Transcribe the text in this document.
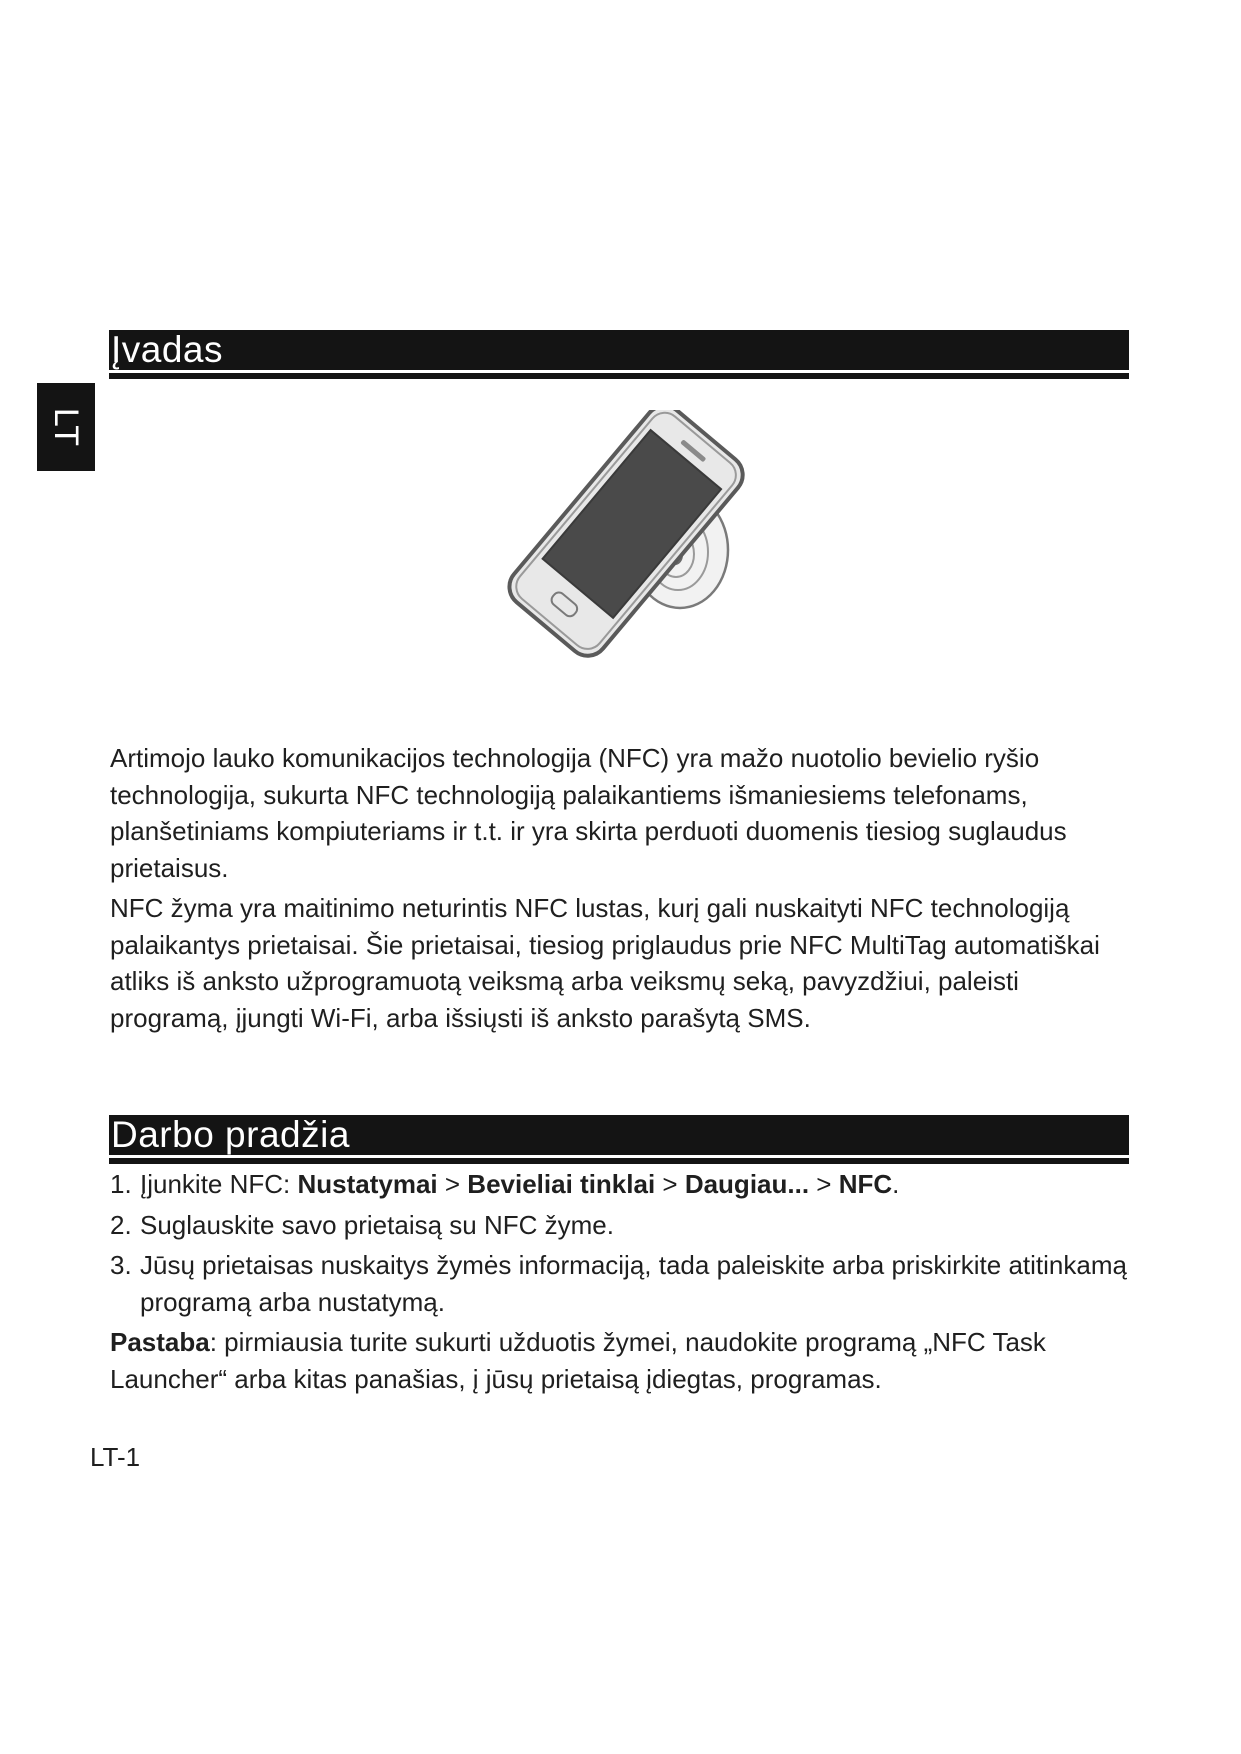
LT
Įvadas

Artimojo lauko komunikacijos technologija (NFC) yra mažo nuotolio bevielio ryšio technologija, sukurta NFC technologiją palaikantiems išmaniesiems telefonams, planšetiniams kompiuteriams ir t.t. ir yra skirta perduoti duomenis tiesiog suglaudus prietaisus.

NFC žyma yra maitinimo neturintis NFC lustas, kurį gali nuskaityti NFC technologiją palaikantys prietaisai. Šie prietaisai, tiesiog priglaudus prie NFC MultiTag automatiškai atliks iš anksto užprogramuotą veiksmą arba veiksmų seką, pavyzdžiui, paleisti programą, įjungti Wi-Fi, arba išsiųsti iš anksto parašytą SMS.

Darbo pradžia
1. Įjunkite NFC: Nustatymai > Bevieliai tinklai > Daugiau... > NFC.
2. Suglauskite savo prietaisą su NFC žyme.
3. Jūsų prietaisas nuskaitys žymės informaciją, tada paleiskite arba priskirkite atitinkamą programą arba nustatymą.

Pastaba: pirmiausia turite sukurti užduotis žymei, naudokite programą „NFC Task Launcher“ arba kitas panašias, į jūsų prietaisą įdiegtas, programas.

LT-1
